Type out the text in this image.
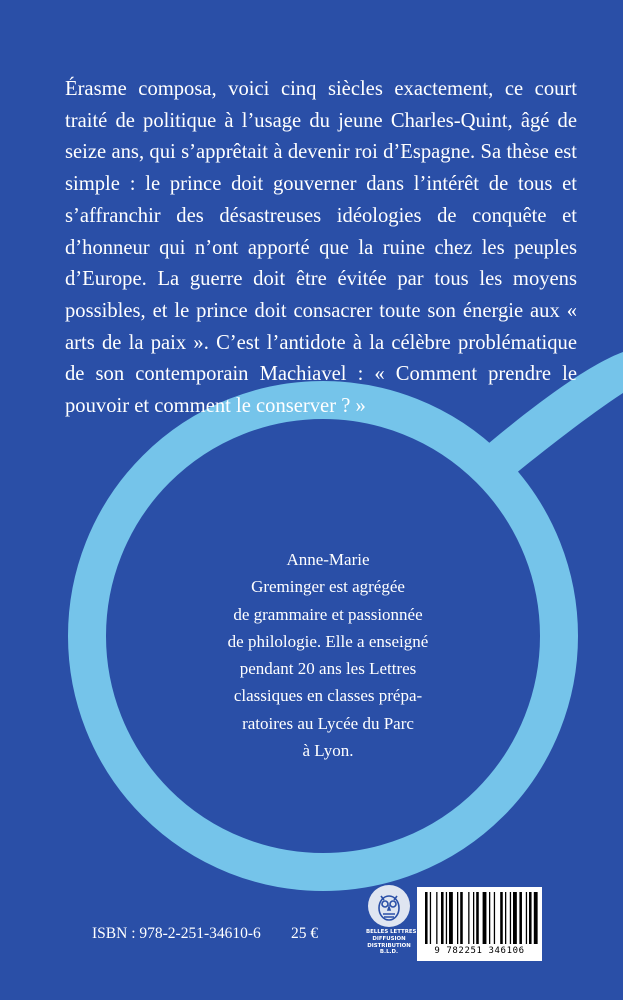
Érasme composa, voici cinq siècles exactement, ce court traité de politique à l’usage du jeune Charles-Quint, âgé de seize ans, qui s’apprêtait à devenir roi d’Espagne. Sa thèse est simple : le prince doit gouverner dans l’intérêt de tous et s’affranchir des désastreuses idéologies de conquête et d’honneur qui n’ont apporté que la ruine chez les peuples d’Europe. La guerre doit être évitée par tous les moyens possibles, et le prince doit consacrer toute son énergie aux « arts de la paix ». C’est l’antidote à la célèbre problématique de son contemporain Machiavel : « Comment prendre le pouvoir et comment le conserver ? »

Anne-Marie
Greminger est agrégée
de grammaire et passionnée
de philologie. Elle a enseigné
pendant 20 ans les Lettres
classiques en classes prépa-
ratoires au Lycée du Parc
à Lyon.
ISBN : 978-2-251-34610-6 25 €	BELLES LETTRES
DIFFUSION
DISTRIBUTION
B.L.D.	9 782251 346106
